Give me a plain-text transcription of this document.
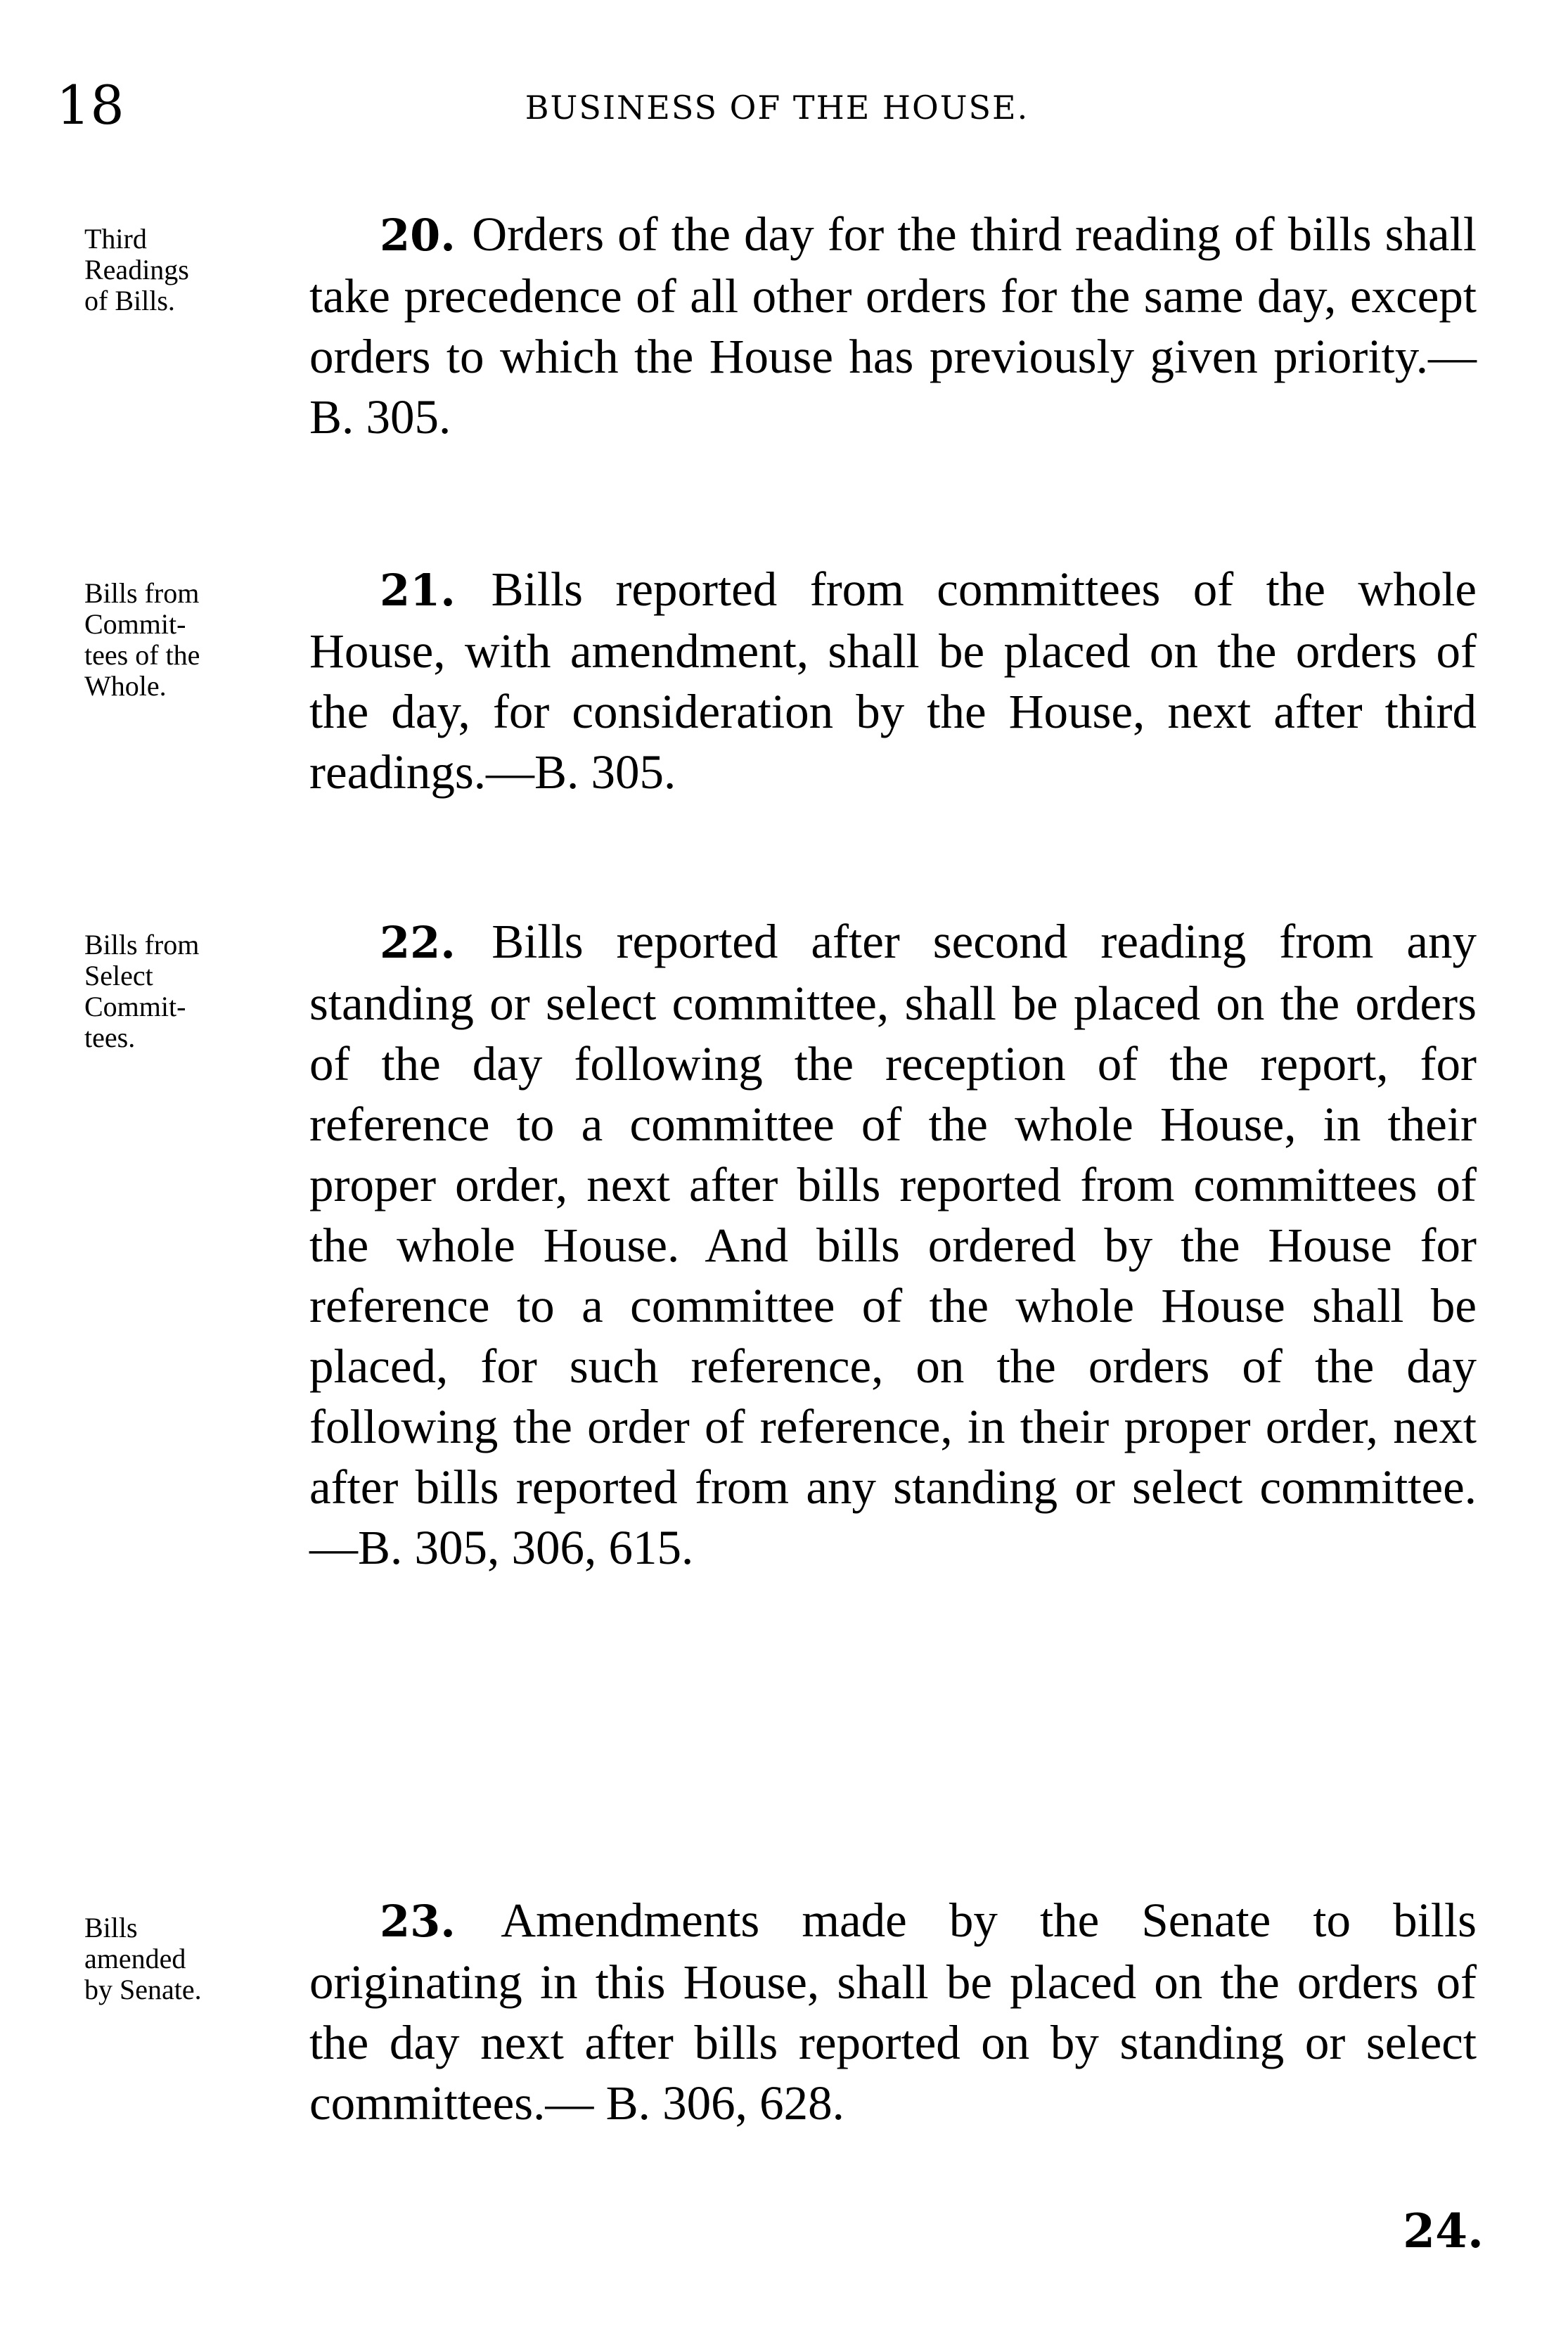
18	BUSINESS OF THE HOUSE.
Third
Readings
of Bills.

20. Orders of the day for the third reading of bills shall take precedence of all other orders for the same day, except orders to which the House has previously given priority.—B. 305.

Bills from
Commit-
tees of the
Whole.

21. Bills reported from committees of the whole House, with amendment, shall be placed on the orders of the day, for consideration by the House, next after third readings.—B. 305.

Bills from
Select
Commit-
tees.

22. Bills reported after second reading from any standing or select committee, shall be placed on the orders of the day following the reception of the report, for reference to a committee of the whole House, in their proper order, next after bills reported from committees of the whole House. And bills ordered by the House for reference to a committee of the whole House shall be placed, for such reference, on the orders of the day following the order of reference, in their proper order, next after bills reported from any standing or select committee.—B. 305, 306, 615.

Bills
amended
by Senate.

23. Amendments made by the Senate to bills originating in this House, shall be placed on the orders of the day next after bills reported on by standing or select committees.— B. 306, 628.

24.
